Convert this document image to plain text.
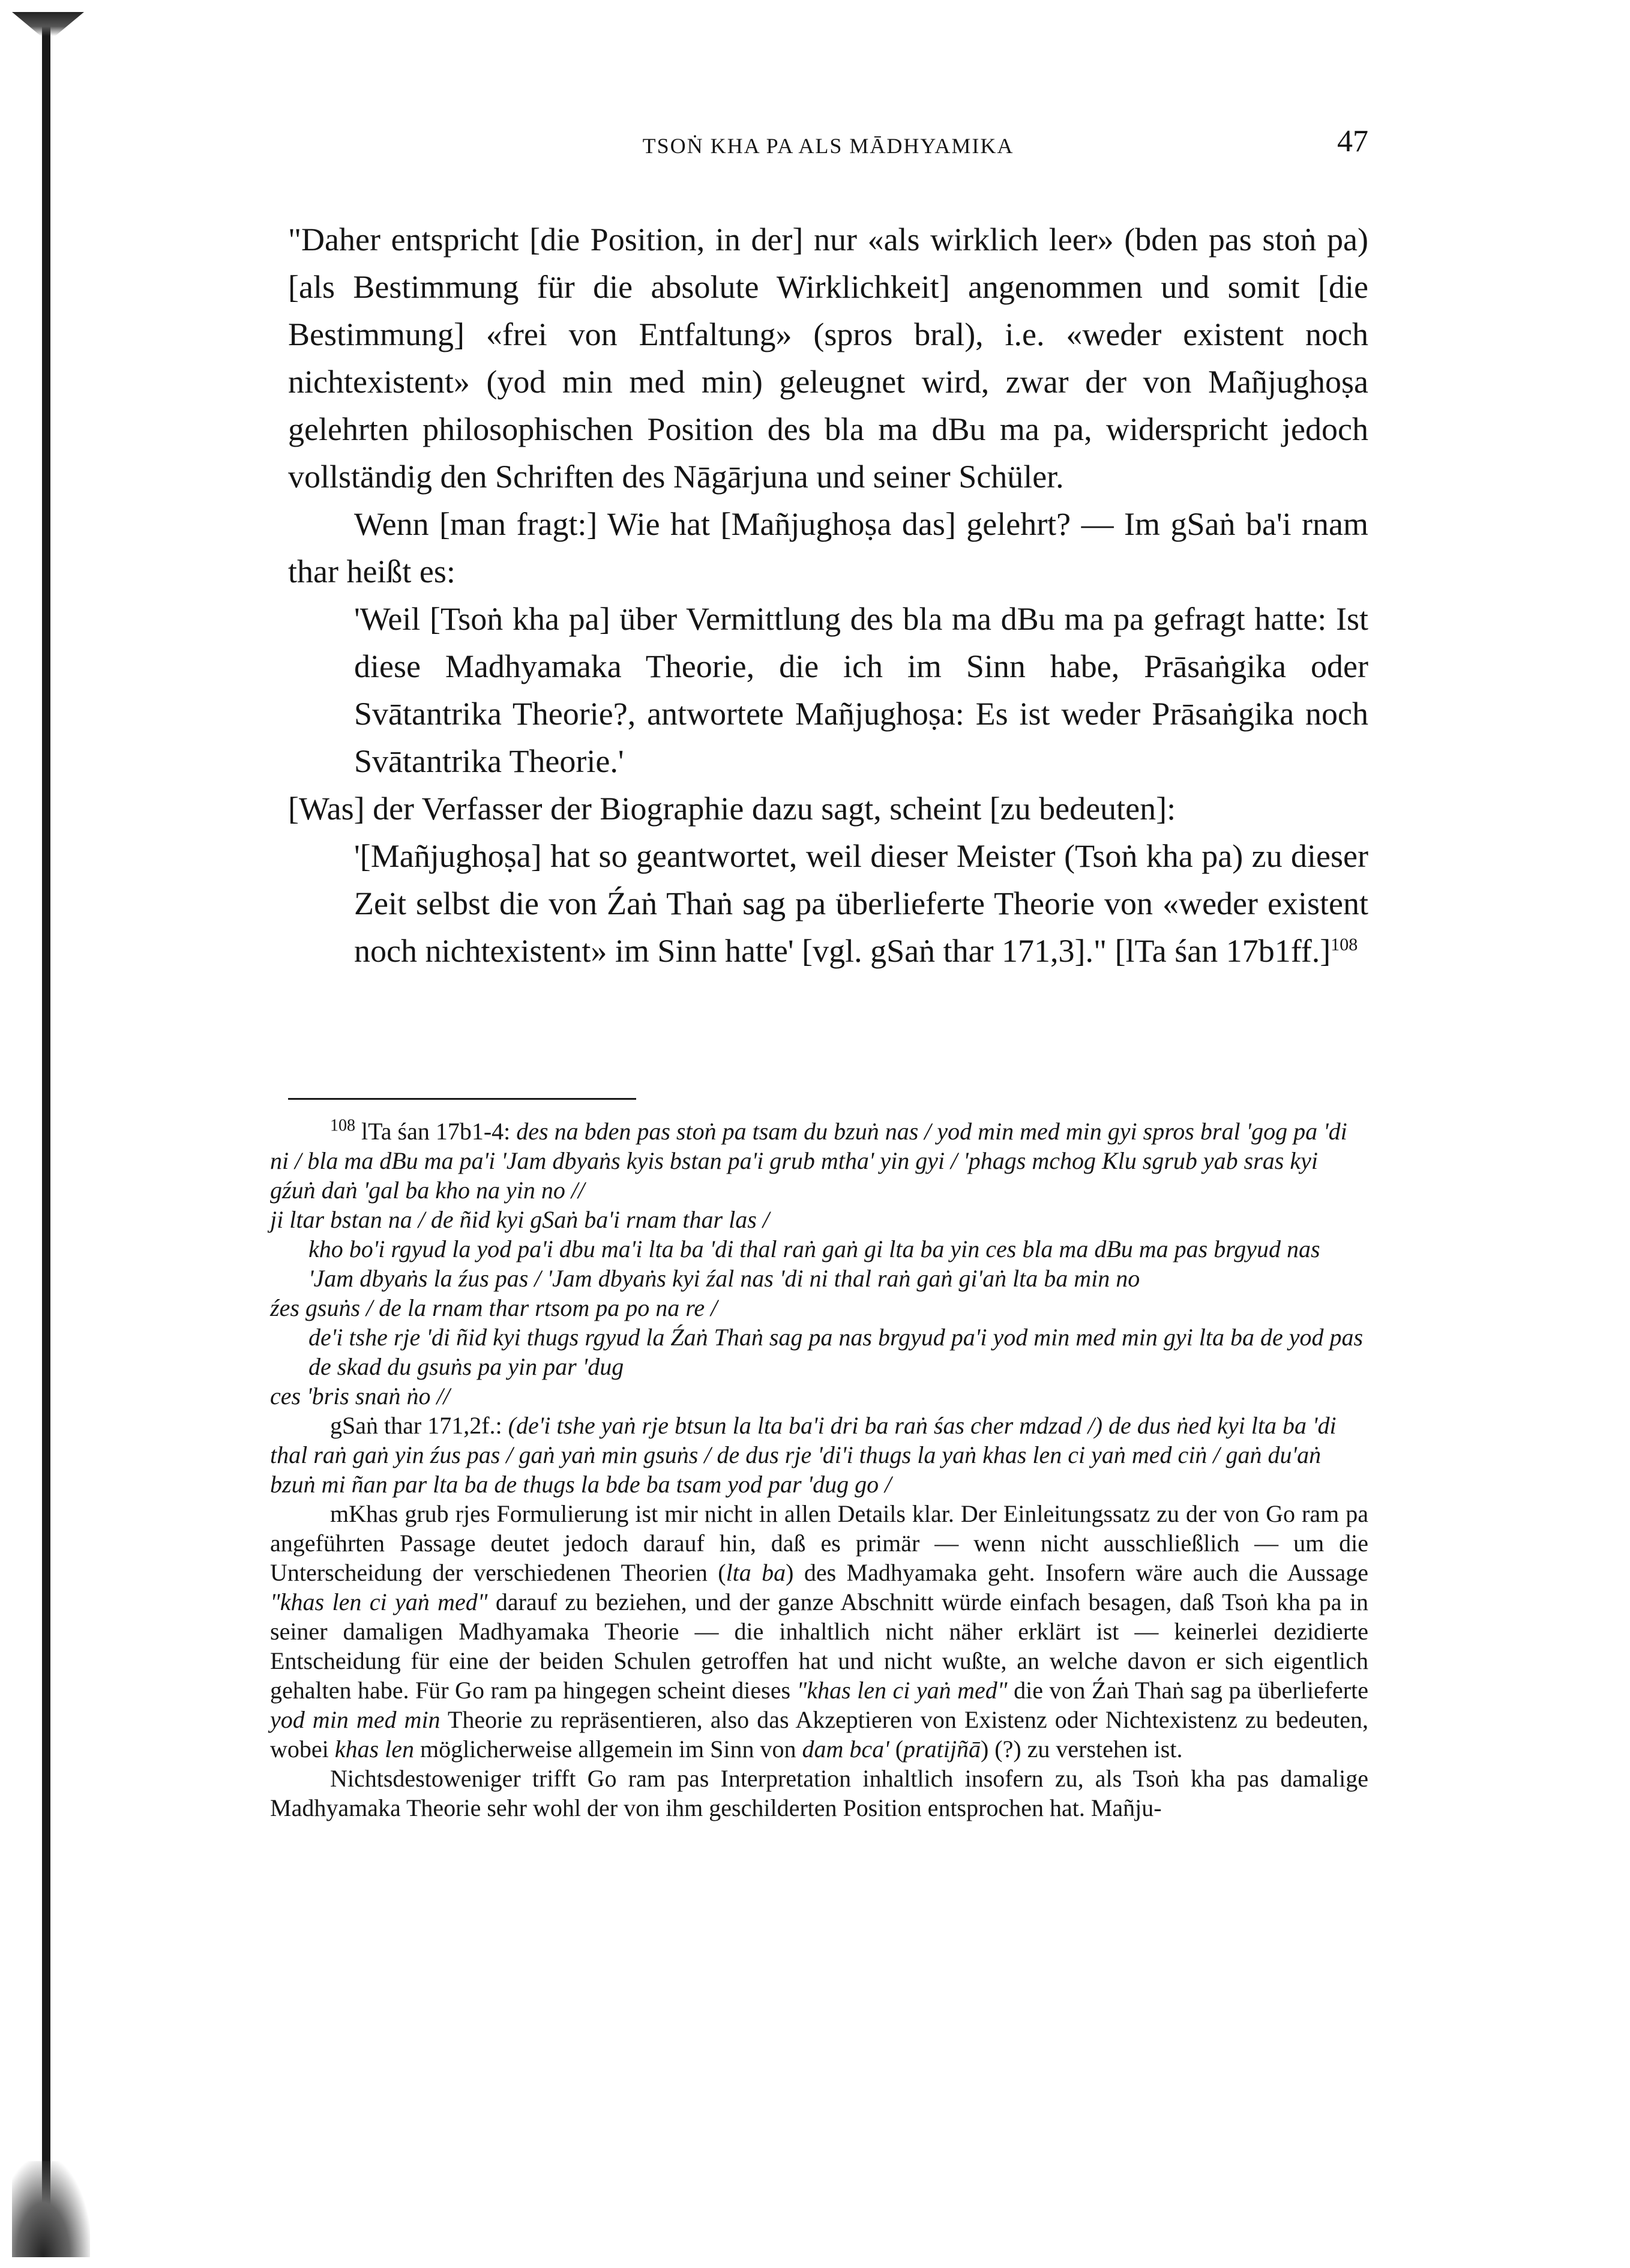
TSOṄ KHA PA ALS MĀDHYAMIKA	47

"Daher entspricht [die Position, in der] nur «als wirklich leer» (bden pas stoṅ pa) [als Bestimmung für die absolute Wirklichkeit] angenommen und somit [die Bestimmung] «frei von Entfaltung» (spros bral), i.e. «weder existent noch nichtexistent» (yod min med min) geleugnet wird, zwar der von Mañjughoṣa gelehrten philosophischen Position des bla ma dBu ma pa, widerspricht jedoch vollständig den Schriften des Nāgārjuna und seiner Schüler.

Wenn [man fragt:] Wie hat [Mañjughoṣa das] gelehrt? — Im gSaṅ ba'i rnam thar heißt es:

'Weil [Tsoṅ kha pa] über Vermittlung des bla ma dBu ma pa gefragt hatte: Ist diese Madhyamaka Theorie, die ich im Sinn habe, Prāsaṅgika oder Svātantrika Theorie?, antwortete Mañjughoṣa: Es ist weder Prāsaṅgika noch Svātantrika Theorie.'

[Was] der Verfasser der Biographie dazu sagt, scheint [zu bedeuten]:

'[Mañjughoṣa] hat so geantwortet, weil dieser Meister (Tsoṅ kha pa) zu dieser Zeit selbst die von Źaṅ Thaṅ sag pa überlieferte Theorie von «weder existent noch nichtexistent» im Sinn hatte' [vgl. gSaṅ thar 171,3]." [lTa śan 17b1ff.]$^{108}$

$^{108}$ lTa śan 17b1-4: des na bden pas stoṅ pa tsam du bzuṅ nas / yod min med min gyi spros bral 'gog pa 'di ni / bla ma dBu ma pa'i 'Jam dbyaṅs kyis bstan pa'i grub mtha' yin gyi / 'phags mchog Klu sgrub yab sras kyi gźuṅ daṅ 'gal ba kho na yin no //

ji ltar bstan na / de ñid kyi gSaṅ ba'i rnam thar las /

kho bo'i rgyud la yod pa'i dbu ma'i lta ba 'di thal raṅ gaṅ gi lta ba yin ces bla ma dBu ma pas brgyud nas 'Jam dbyaṅs la źus pas / 'Jam dbyaṅs kyi źal nas 'di ni thal raṅ gaṅ gi'aṅ lta ba min no

źes gsuṅs / de la rnam thar rtsom pa po na re /

de'i tshe rje 'di ñid kyi thugs rgyud la Źaṅ Thaṅ sag pa nas brgyud pa'i yod min med min gyi lta ba de yod pas de skad du gsuṅs pa yin par 'dug

ces 'bris snaṅ ṅo //

gSaṅ thar 171,2f.: (de'i tshe yaṅ rje btsun la lta ba'i dri ba raṅ śas cher mdzad /) de dus ṅed kyi lta ba 'di thal raṅ gaṅ yin źus pas / gaṅ yaṅ min gsuṅs / de dus rje 'di'i thugs la yaṅ khas len ci yaṅ med ciṅ / gaṅ du'aṅ bzuṅ mi ñan par lta ba de thugs la bde ba tsam yod par 'dug go /

mKhas grub rjes Formulierung ist mir nicht in allen Details klar. Der Einleitungssatz zu der von Go ram pa angeführten Passage deutet jedoch darauf hin, daß es primär — wenn nicht ausschließlich — um die Unterscheidung der verschiedenen Theorien (lta ba) des Madhyamaka geht. Insofern wäre auch die Aussage "khas len ci yaṅ med" darauf zu beziehen, und der ganze Abschnitt würde einfach besagen, daß Tsoṅ kha pa in seiner damaligen Madhyamaka Theorie — die inhaltlich nicht näher erklärt ist — keinerlei dezidierte Entscheidung für eine der beiden Schulen getroffen hat und nicht wußte, an welche davon er sich eigentlich gehalten habe. Für Go ram pa hingegen scheint dieses "khas len ci yaṅ med" die von Źaṅ Thaṅ sag pa überlieferte yod min med min Theorie zu repräsentieren, also das Akzeptieren von Existenz oder Nichtexistenz zu bedeuten, wobei khas len möglicherweise allgemein im Sinn von dam bca' (pratijñā) (?) zu verstehen ist.

Nichtsdestoweniger trifft Go ram pas Interpretation inhaltlich insofern zu, als Tsoṅ kha pas damalige Madhyamaka Theorie sehr wohl der von ihm geschilderten Position entsprochen hat. Mañju-
